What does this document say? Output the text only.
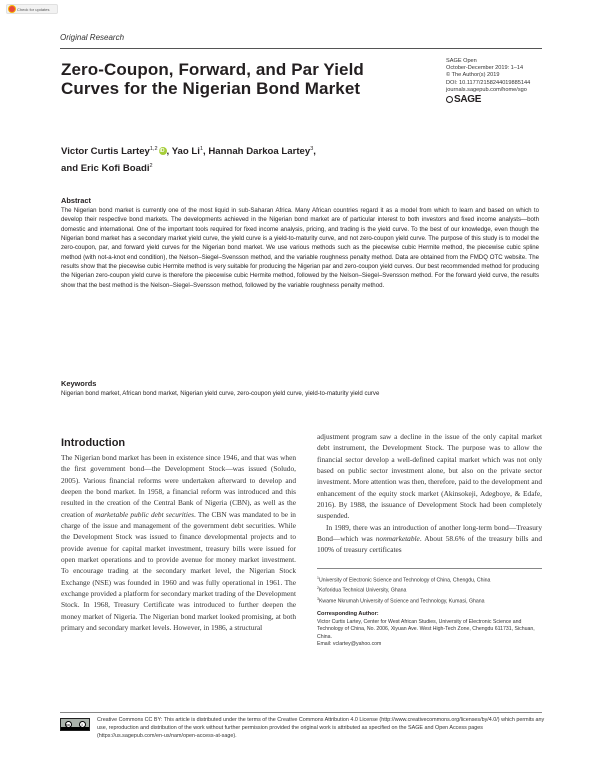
Check for updates
Original Research
Zero-Coupon, Forward, and Par Yield Curves for the Nigerian Bond Market
SAGE Open
October-December 2019: 1–14
© The Author(s) 2019
DOI: 10.1177/2158244019885144
journals.sagepub.com/home/sgo
SAGE
Victor Curtis Lartey$^{1,2}$ iD , Yao Li$^1$, Hannah Darkoa Lartey$^3$,
and Eric Kofi Boadi$^2$
Abstract
The Nigerian bond market is currently one of the most liquid in sub-Saharan Africa. Many African countries regard it as a model from which to learn and based on which to develop their respective bond markets. The developments achieved in the Nigerian bond market are of particular interest to both investors and fixed income analysts—both domestic and international. One of the important tools required for fixed income analysis, pricing, and trading is the yield curve. To the best of our knowledge, even though the Nigerian bond market has a secondary market yield curve, the yield curve is a yield-to-maturity curve, and not zero-coupon yield curve. The purpose of this study is to model the zero-coupon, par, and forward yield curves for the Nigerian bond market. We use various methods such as the piecewise cubic Hermite method, the piecewise cubic spline method (with not-a-knot end condition), the Nelson–Siegel–Svensson method, and the variable roughness penalty method. Data are obtained from the FMDQ OTC website. The results show that the piecewise cubic Hermite method is very suitable for producing the Nigerian par and zero-coupon yield curves. Our best recommended method for producing the Nigerian zero-coupon yield curve is therefore the piecewise cubic Hermite method, followed by the Nelson–Siegel–Svensson method. For the forward yield curve, the results show that the best method is the Nelson–Siegel–Svensson method, followed by the variable roughness penalty method.
Keywords
Nigerian bond market, African bond market, Nigerian yield curve, zero-coupon yield curve, yield-to-maturity yield curve
Introduction

The Nigerian bond market has been in existence since 1946, and that was when the first government bond—the Development Stock—was issued (Soludo, 2005). Various financial reforms were undertaken afterward to develop and deepen the bond market. In 1958, a financial reform was introduced and this resulted in the creation of the Central Bank of Nigeria (CBN), as well as the creation of marketable public debt securities. The CBN was mandated to be in charge of the issue and management of the government debt securities. While the Development Stock was issued to finance developmental projects and to provide avenue for capital market investment, treasury bills were issued for open market operations and to provide avenue for money market investment. To encourage trading at the secondary market level, the Nigerian Stock Exchange (NSE) was founded in 1960 and was fully operational in 1961. The exchange provided a platform for secondary market trading of the Development Stock. In 1968, Treasury Certificate was introduced to further deepen the money market of Nigeria. The Nigerian bond market looked promising, at both primary and secondary market levels. However, in 1986, a structural

adjustment program saw a decline in the issue of the only capital market debt instrument, the Development Stock. The purpose was to allow the financial sector develop a well-defined capital market which was not only based on public sector investment alone, but also on the private sector investment. More attention was then, therefore, paid to the development and enhancement of the equity stock market (Akinsokeji, Adegboye, & Edafe, 2016). By 1988, the issuance of Development Stock had been completely suspended.

In 1989, there was an introduction of another long-term bond—Treasury Bond—which was nonmarketable. About 58.6% of the treasury bills and 100% of treasury certificates

$^1$University of Electronic Science and Technology of China, Chengdu, China
$^2$Koforidua Technical University, Ghana
$^3$Kwame Nkrumah University of Science and Technology, Kumasi, Ghana
Corresponding Author:
Victor Curtis Lartey, Center for West African Studies, University of Electronic Science and Technology of China, No. 2006, Xiyuan Ave. West High-Tech Zone, Chengdu 611731, Sichuan, China.
Email: vclartey@yahoo.com
cc	i
Creative Commons CC BY: This article is distributed under the terms of the Creative Commons Attribution 4.0 License (http://www.creativecommons.org/licenses/by/4.0/) which permits any use, reproduction and distribution of the work without further permission provided the original work is attributed as specified on the SAGE and Open Access pages (https://us.sagepub.com/en-us/nam/open-access-at-sage).
